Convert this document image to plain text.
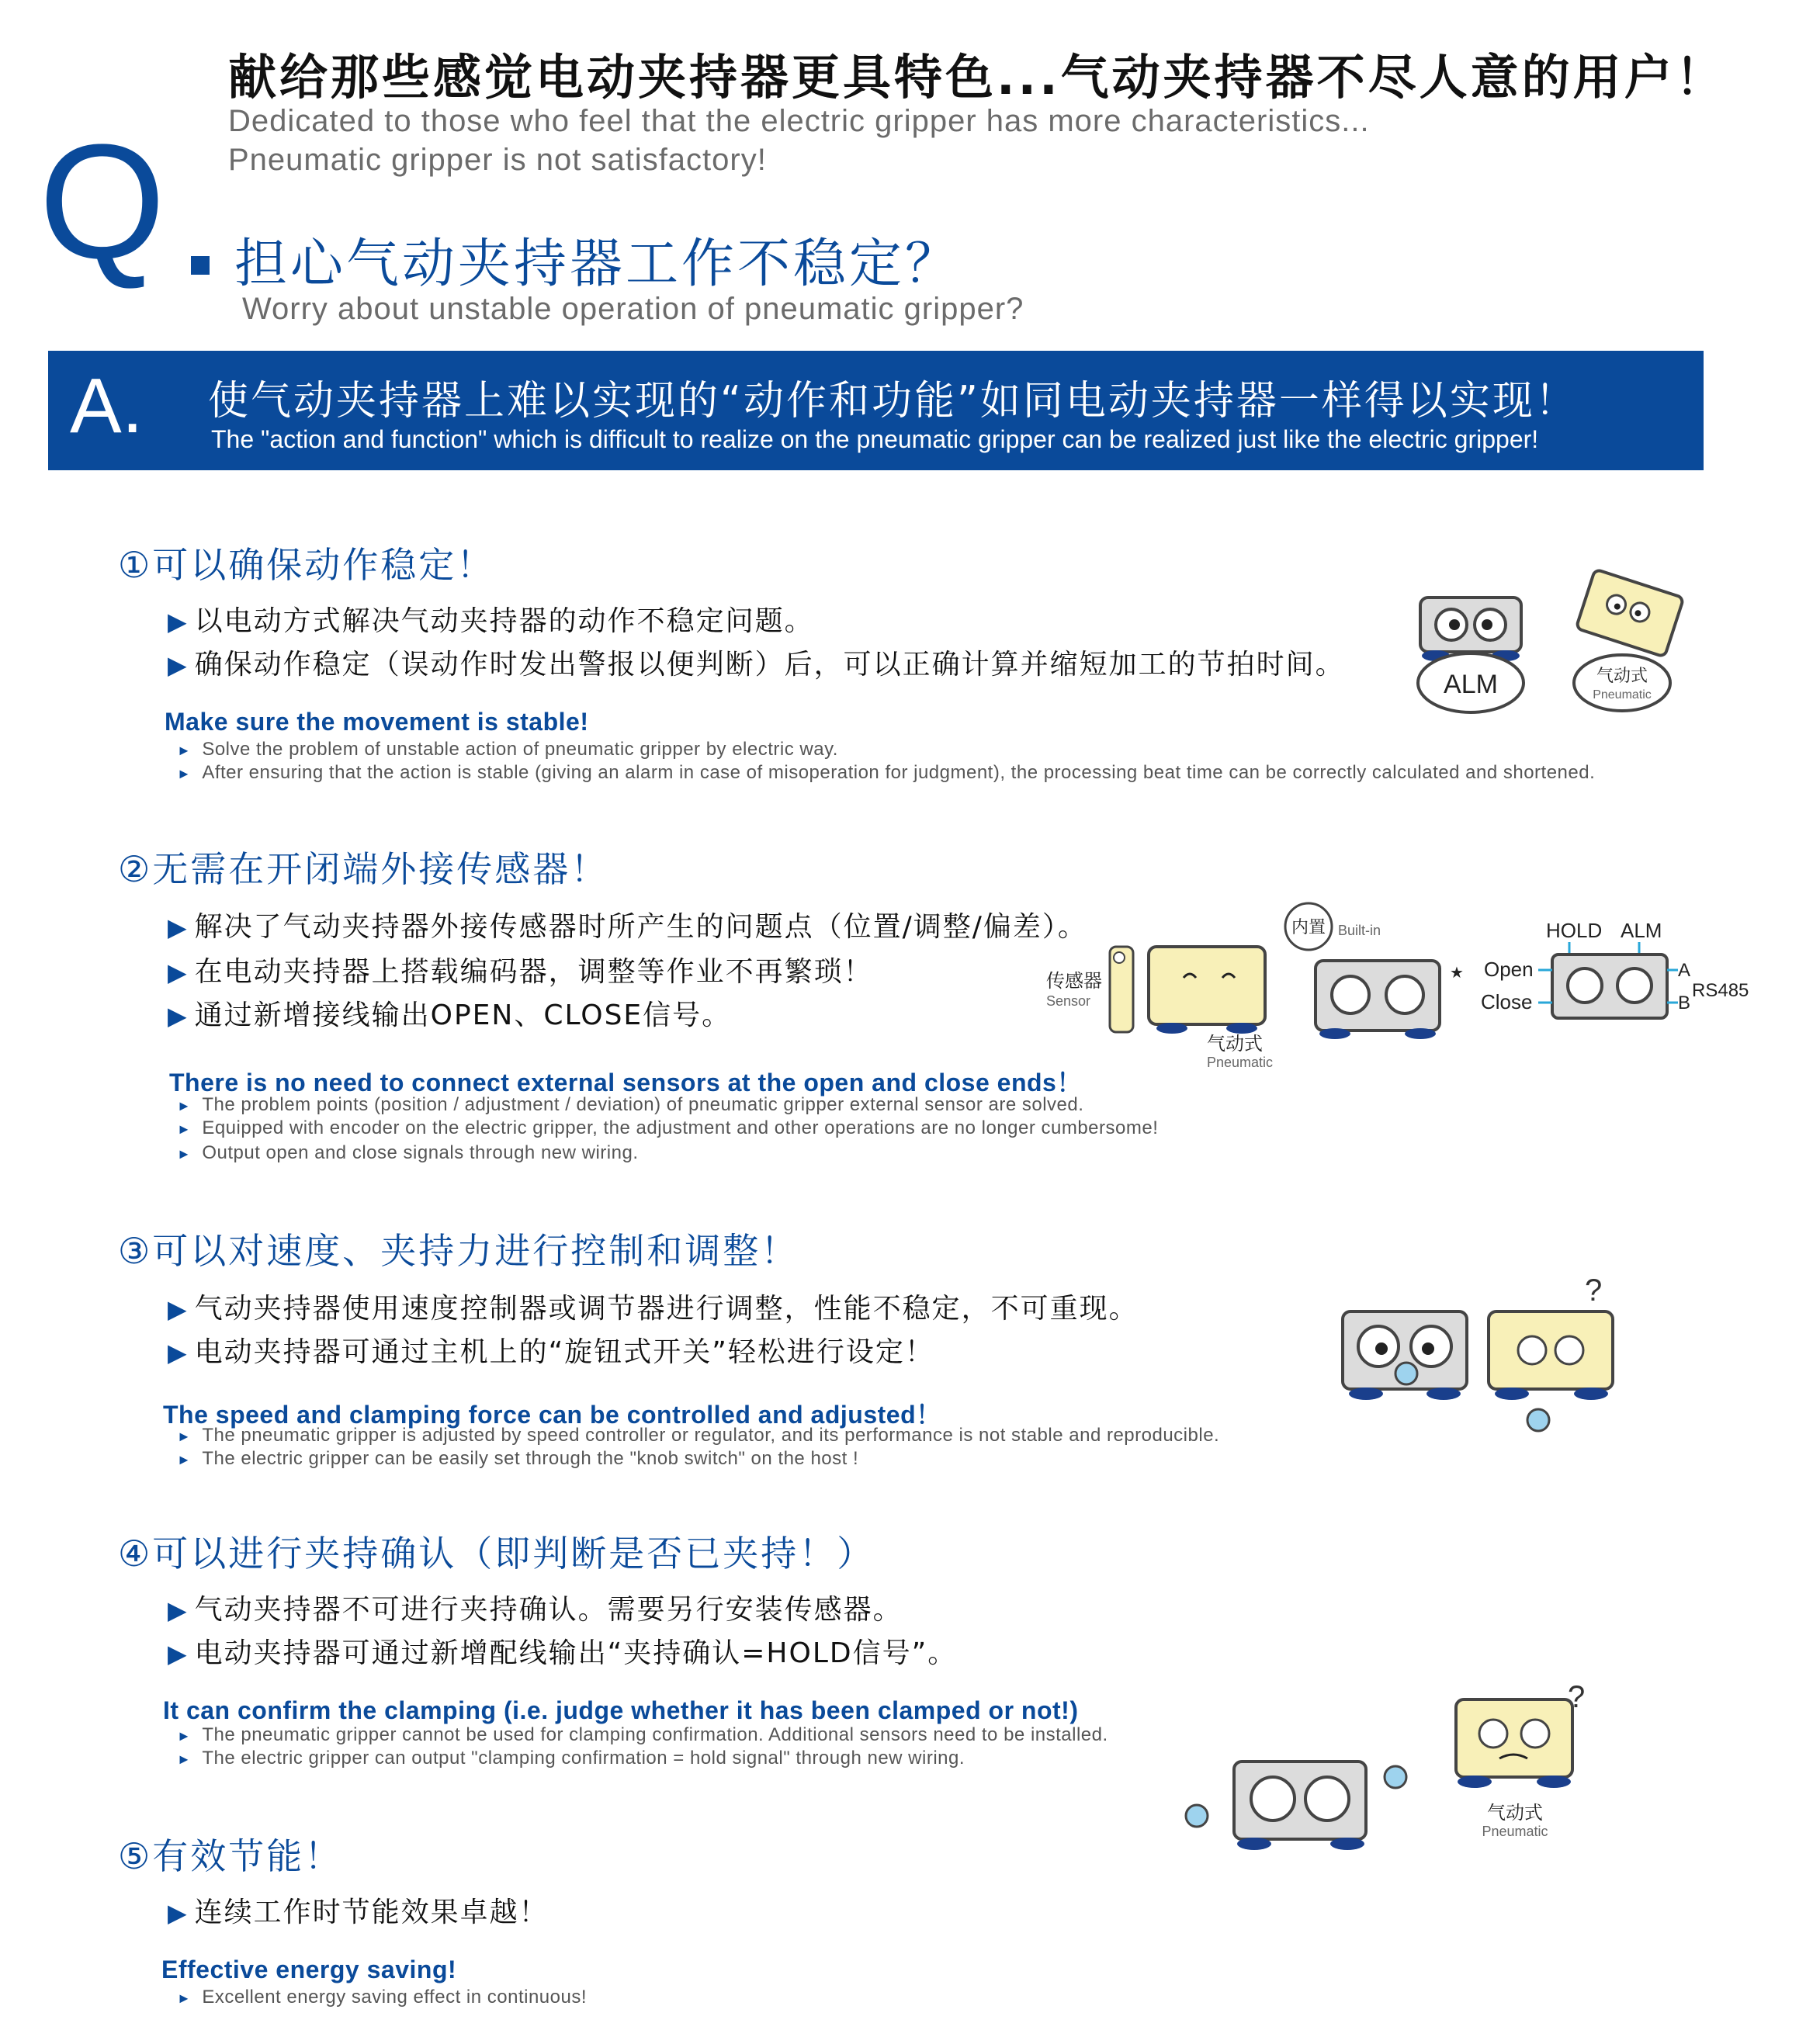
献给那些感觉电动夹持器更具特色...气动夹持器不尽人意的用户！
Dedicated to those who feel that the electric gripper has more characteristics...
Pneumatic gripper is not satisfactory!
Q 担心气动夹持器工作不稳定？
Worry about unstable operation of pneumatic gripper?
A. 使气动夹持器上难以实现的“动作和功能”如同电动夹持器一样得以实现！
The "action and function" which is difficult to realize on the pneumatic gripper can be realized just like the electric gripper!
①可以确保动作稳定！
▶ 以电动方式解决气动夹持器的动作不稳定问题。
▶ 确保动作稳定（误动作时发出警报以便判断）后，可以正确计算并缩短加工的节拍时间。
Make sure the movement is stable!
► Solve the problem of unstable action of pneumatic gripper by electric way.
► After ensuring that the action is stable (giving an alarm in case of misoperation for judgment), the processing beat time can be correctly calculated and shortened.
ALM	气动式
Pneumatic
②无需在开闭端外接传感器！
▶ 解决了气动夹持器外接传感器时所产生的问题点（位置/调整/偏差）。
▶ 在电动夹持器上搭载编码器，调整等作业不再繁琐！
▶ 通过新增接线输出OPEN、CLOSE信号。
There is no need to connect external sensors at the open and close ends！
► The problem points (position / adjustment / deviation) of pneumatic gripper external sensor are solved.
► Equipped with encoder on the electric gripper, the adjustment and other operations are no longer cumbersome!
► Output open and close signals through new wiring.
传感器
Sensor
气动式
Pneumatic
内置 Built-in
★
HOLD ALM
Open
Close
A
B
RS485
③可以对速度、夹持力进行控制和调整！
▶ 气动夹持器使用速度控制器或调节器进行调整，性能不稳定，不可重现。
▶ 电动夹持器可通过主机上的“旋钮式开关”轻松进行设定！
The speed and clamping force can be controlled and adjusted！
► The pneumatic gripper is adjusted by speed controller or regulator, and its performance is not stable and reproducible.
► The electric gripper can be easily set through the "knob switch" on the host !
?
④可以进行夹持确认（即判断是否已夹持！）
▶ 气动夹持器不可进行夹持确认。需要另行安装传感器。
▶ 电动夹持器可通过新增配线输出“夹持确认=HOLD信号”。
It can confirm the clamping (i.e. judge whether it has been clamped or not!)
► The pneumatic gripper cannot be used for clamping confirmation. Additional sensors need to be installed.
► The electric gripper can output "clamping confirmation = hold signal" through new wiring.
?
气动式
Pneumatic
⑤有效节能！
▶ 连续工作时节能效果卓越！
Effective energy saving!
► Excellent energy saving effect in continuous!
